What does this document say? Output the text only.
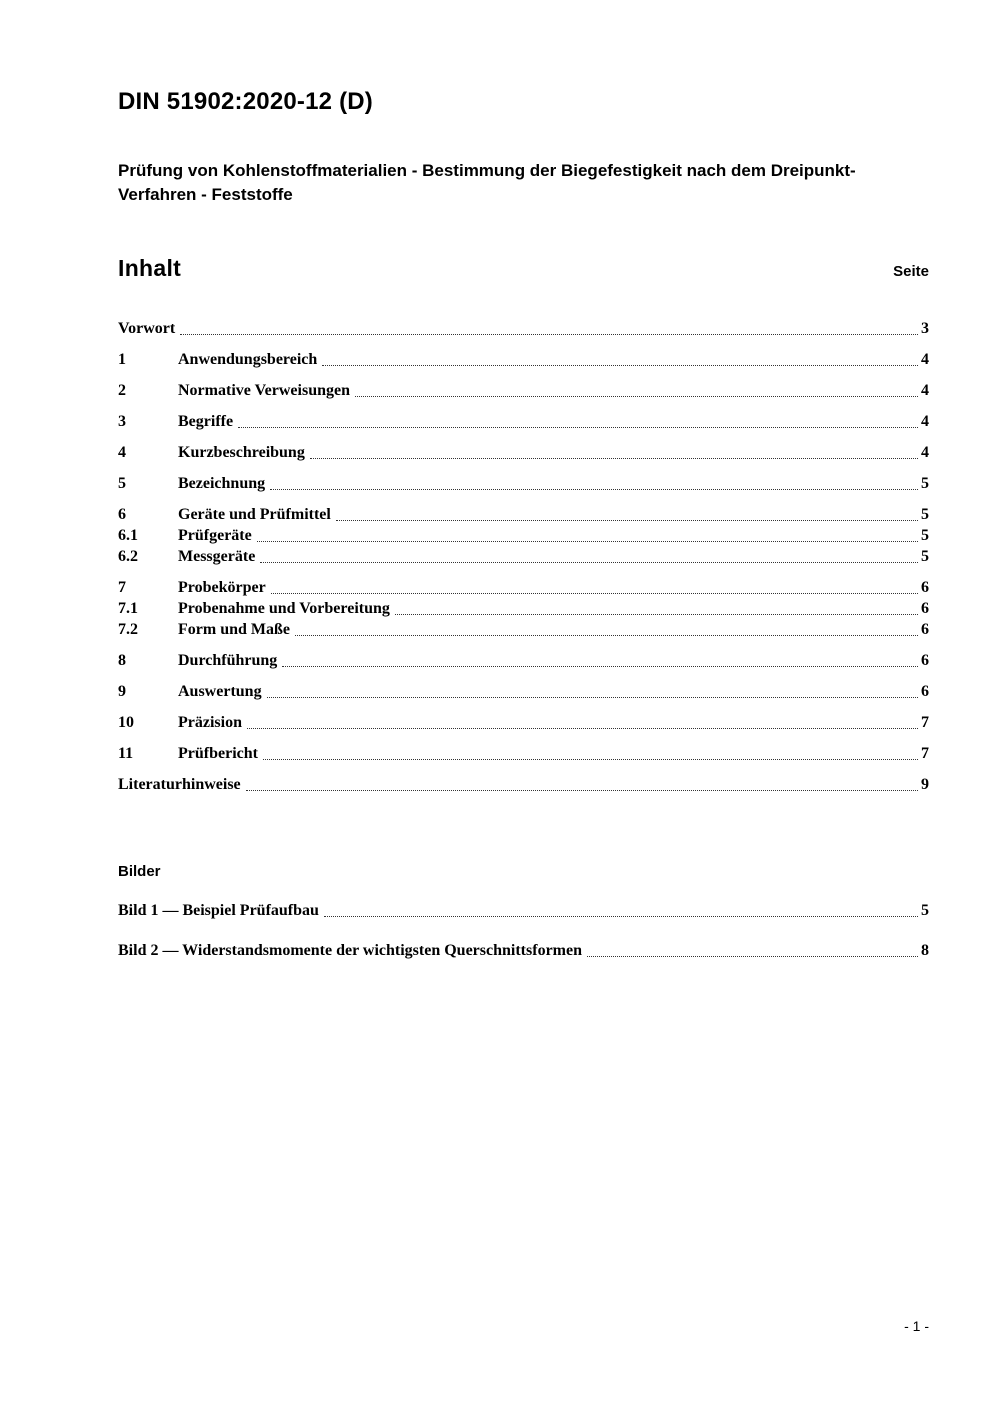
DIN 51902:2020-12 (D)
Prüfung von Kohlenstoffmaterialien - Bestimmung der Biegefestigkeit nach dem Dreipunkt-Verfahren - Feststoffe
Inhalt	Seite
Vorwort	3
1	Anwendungsbereich	4
2	Normative Verweisungen	4
3	Begriffe	4
4	Kurzbeschreibung	4
5	Bezeichnung	5
6	Geräte und Prüfmittel	5
6.1	Prüfgeräte	5
6.2	Messgeräte	5
7	Probekörper	6
7.1	Probenahme und Vorbereitung	6
7.2	Form und Maße	6
8	Durchführung	6
9	Auswertung	6
10	Präzision	7
11	Prüfbericht	7
Literaturhinweise	9
Bilder
Bild 1 — Beispiel Prüfaufbau	5
Bild 2 — Widerstandsmomente der wichtigsten Querschnittsformen	8
- 1 -
